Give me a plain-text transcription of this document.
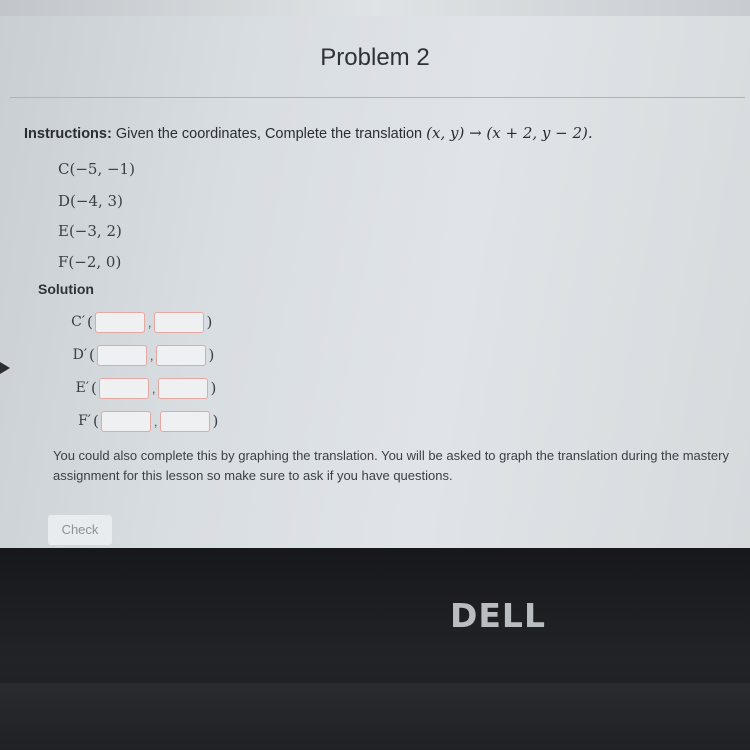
Problem 2
Instructions: Given the coordinates, Complete the translation (x, y) → (x + 2, y − 2).
C(−5, −1)
D(−4, 3)
E(−3, 2)
F(−2, 0)
Solution
C′ (	,	)
D′ (	,	)
E′ (	,	)
F′ (	,	)
You could also complete this by graphing the translation. You will be asked to graph the translation during the mastery assignment for this lesson so make sure to ask if you have questions.
Check
DELL
